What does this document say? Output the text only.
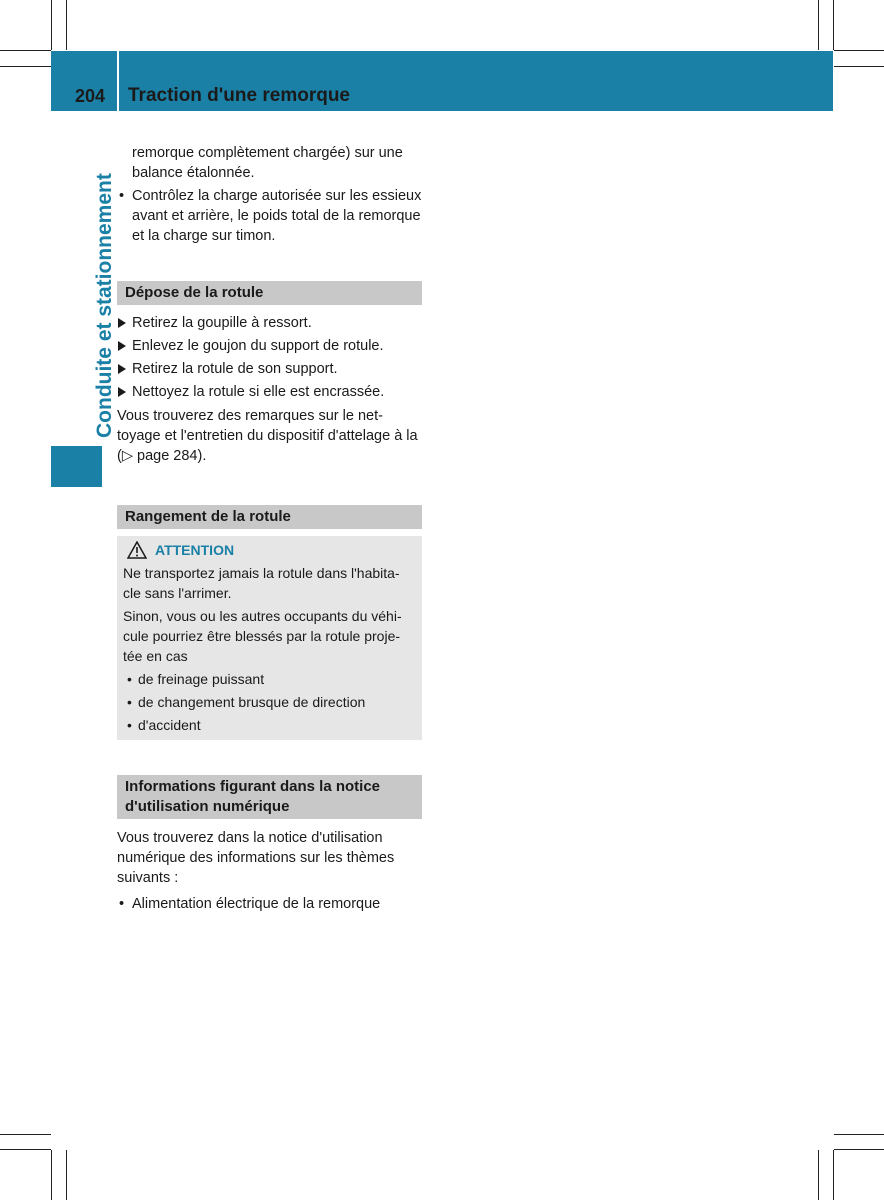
204 Traction d'une remorque
Conduite et stationnement

remorque complètement chargée) sur une balance étalonnée.

• Contrôlez la charge autorisée sur les essieux avant et arrière, le poids total de la remorque et la charge sur timon.
Dépose de la rotule
Retirez la goupille à ressort.
Enlevez le goujon du support de rotule.
Retirez la rotule de son support.
Nettoyez la rotule si elle est encrassée.

Vous trouverez des remarques sur le net-toyage et l'entretien du dispositif d'attelage à la (▷ page 284).

Rangement de la rotule
ATTENTION

Ne transportez jamais la rotule dans l'habita-cle sans l'arrimer.

Sinon, vous ou les autres occupants du véhi-cule pourriez être blessés par la rotule proje-tée en cas

• de freinage puissant
• de changement brusque de direction
• d'accident
Informations figurant dans la notice d'utilisation numérique

Vous trouverez dans la notice d'utilisation numérique des informations sur les thèmes suivants :

• Alimentation électrique de la remorque
